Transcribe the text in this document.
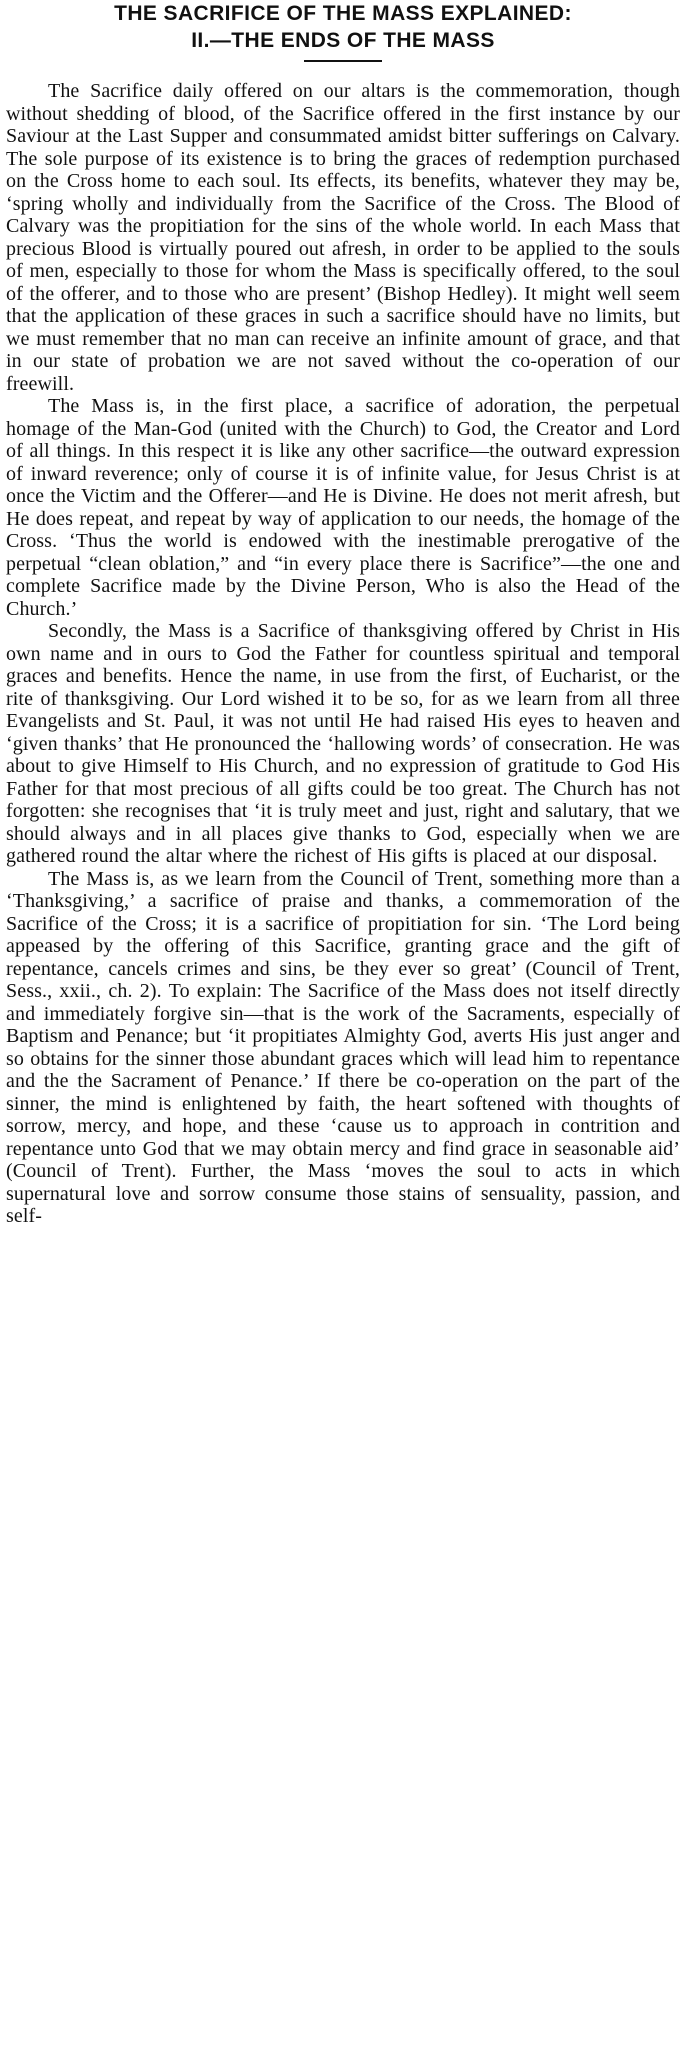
THE SACRIFICE OF THE MASS EXPLAINED:
II.—THE ENDS OF THE MASS

The Sacrifice daily offered on our altars is the commemoration, though without shedding of blood, of the Sacrifice offered in the first instance by our Saviour at the Last Supper and consummated amidst bitter sufferings on Calvary. The sole purpose of its existence is to bring the graces of redemption purchased on the Cross home to each soul. Its effects, its benefits, whatever they may be, ‘spring wholly and individually from the Sacrifice of the Cross. The Blood of Calvary was the propitiation for the sins of the whole world. In each Mass that precious Blood is virtually poured out afresh, in order to be applied to the souls of men, especially to those for whom the Mass is specifically offered, to the soul of the offerer, and to those who are present’ (Bishop Hedley). It might well seem that the application of these graces in such a sacrifice should have no limits, but we must remember that no man can receive an infinite amount of grace, and that in our state of probation we are not saved without the co-operation of our freewill.

The Mass is, in the first place, a sacrifice of adoration, the perpetual homage of the Man-God (united with the Church) to God, the Creator and Lord of all things. In this respect it is like any other sacrifice—the outward expression of inward reverence; only of course it is of infinite value, for Jesus Christ is at once the Victim and the Offerer—and He is Divine. He does not merit afresh, but He does repeat, and repeat by way of application to our needs, the homage of the Cross. ‘Thus the world is endowed with the inestimable prerogative of the perpetual “clean oblation,” and “in every place there is Sacrifice”—the one and complete Sacrifice made by the Divine Person, Who is also the Head of the Church.’

Secondly, the Mass is a Sacrifice of thanksgiving offered by Christ in His own name and in ours to God the Father for countless spiritual and temporal graces and benefits. Hence the name, in use from the first, of Eucharist, or the rite of thanksgiving. Our Lord wished it to be so, for as we learn from all three Evangelists and St. Paul, it was not until He had raised His eyes to heaven and ‘given thanks’ that He pronounced the ‘hallowing words’ of consecration. He was about to give Himself to His Church, and no expression of gratitude to God His Father for that most precious of all gifts could be too great. The Church has not forgotten: she recognises that ‘it is truly meet and just, right and salutary, that we should always and in all places give thanks to God, especially when we are gathered round the altar where the richest of His gifts is placed at our disposal.

The Mass is, as we learn from the Council of Trent, something more than a ‘Thanksgiving,’ a sacrifice of praise and thanks, a commemoration of the Sacrifice of the Cross; it is a sacrifice of propitiation for sin. ‘The Lord being appeased by the offering of this Sacrifice, granting grace and the gift of repentance, cancels crimes and sins, be they ever so great’ (Council of Trent, Sess., xxii., ch. 2). To explain: The Sacrifice of the Mass does not itself directly and immediately forgive sin—that is the work of the Sacraments, especially of Baptism and Penance; but ‘it propitiates Almighty God, averts His just anger and so obtains for the sinner those abundant graces which will lead him to repentance and the the Sacrament of Penance.’ If there be co-operation on the part of the sinner, the mind is enlightened by faith, the heart softened with thoughts of sorrow, mercy, and hope, and these ‘cause us to approach in contrition and repentance unto God that we may obtain mercy and find grace in seasonable aid’ (Council of Trent). Further, the Mass ‘moves the soul to acts in which supernatural love and sorrow consume those stains of sensuality, passion, and self-
